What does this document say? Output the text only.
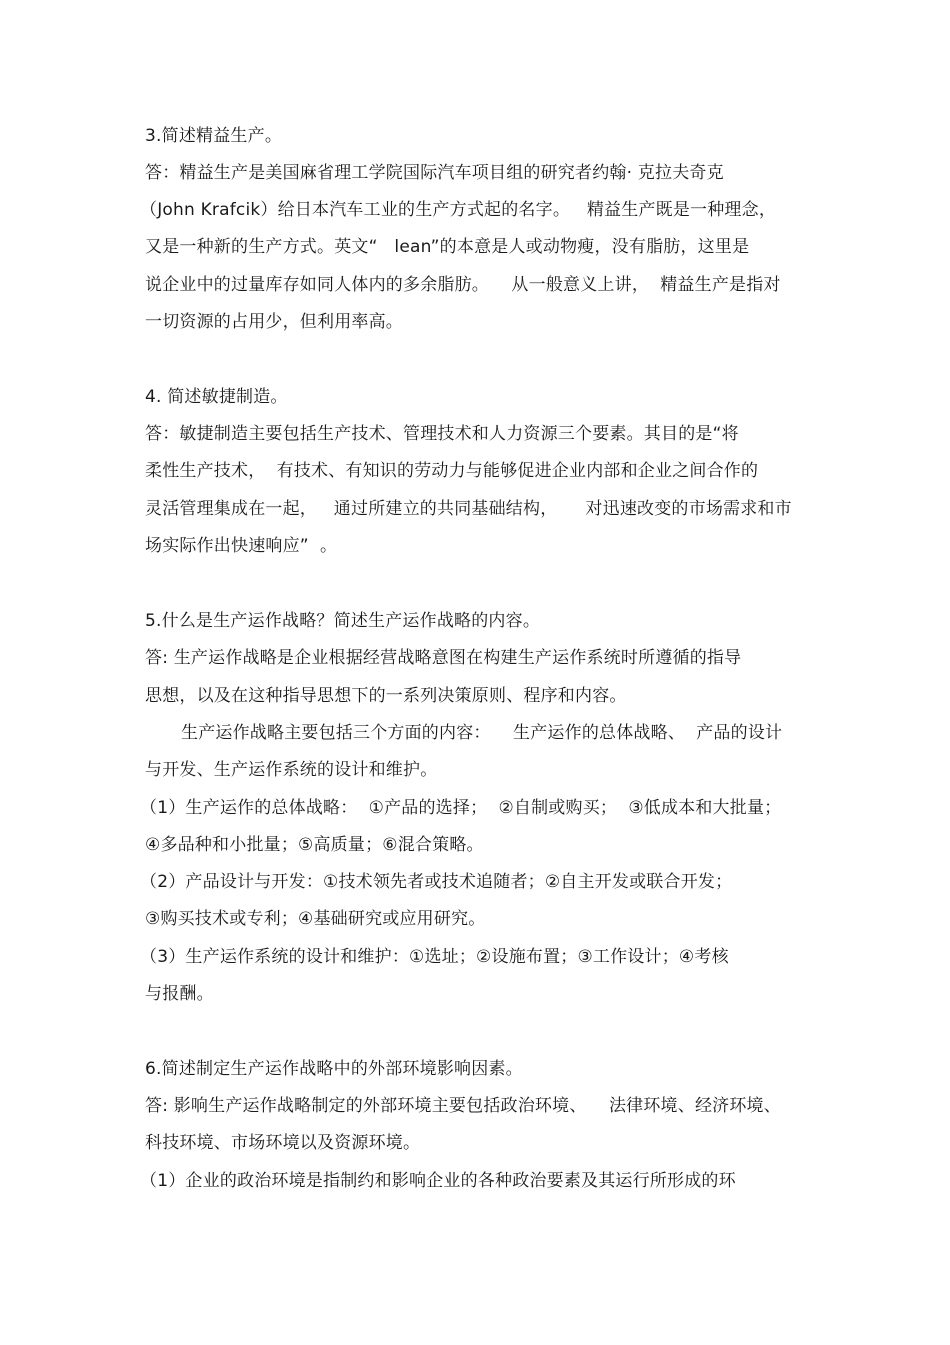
3.简述精益生产。
答：精益生产是美国麻省理工学院国际汽车项目组的研究者约翰· 克拉夫奇克
（John Krafcik）给日本汽车工业的生产方式起的名字。   精益生产既是一种理念，
又是一种新的生产方式。英文“   lean”的本意是人或动物瘦，没有脂肪，这里是
说企业中的过量库存如同人体内的多余脂肪。    从一般意义上讲，  精益生产是指对
一切资源的占用少，但利用率高。
4. 简述敏捷制造。
答：敏捷制造主要包括生产技术、管理技术和人力资源三个要素。其目的是“将
柔性生产技术，  有技术、有知识的劳动力与能够促进企业内部和企业之间合作的
灵活管理集成在一起，   通过所建立的共同基础结构，     对迅速改变的市场需求和市
场实际作出快速响应”  。
5.什么是生产运作战略？简述生产运作战略的内容。
答: 生产运作战略是企业根据经营战略意图在构建生产运作系统时所遵循的指导
思想，以及在这种指导思想下的一系列决策原则、程序和内容。
生产运作战略主要包括三个方面的内容：    生产运作的总体战略、  产品的设计
与开发、生产运作系统的设计和维护。
（1）生产运作的总体战略：  ①产品的选择；  ②自制或购买；  ③低成本和大批量；
④多品种和小批量；⑤高质量；⑥混合策略。
（2）产品设计与开发：①技术领先者或技术追随者；②自主开发或联合开发；
③购买技术或专利；④基础研究或应用研究。
（3）生产运作系统的设计和维护：①选址；②设施布置；③工作设计；④考核
与报酬。
6.简述制定生产运作战略中的外部环境影响因素。
答: 影响生产运作战略制定的外部环境主要包括政治环境、    法律环境、经济环境、
科技环境、市场环境以及资源环境。
（1）企业的政治环境是指制约和影响企业的各种政治要素及其运行所形成的环
